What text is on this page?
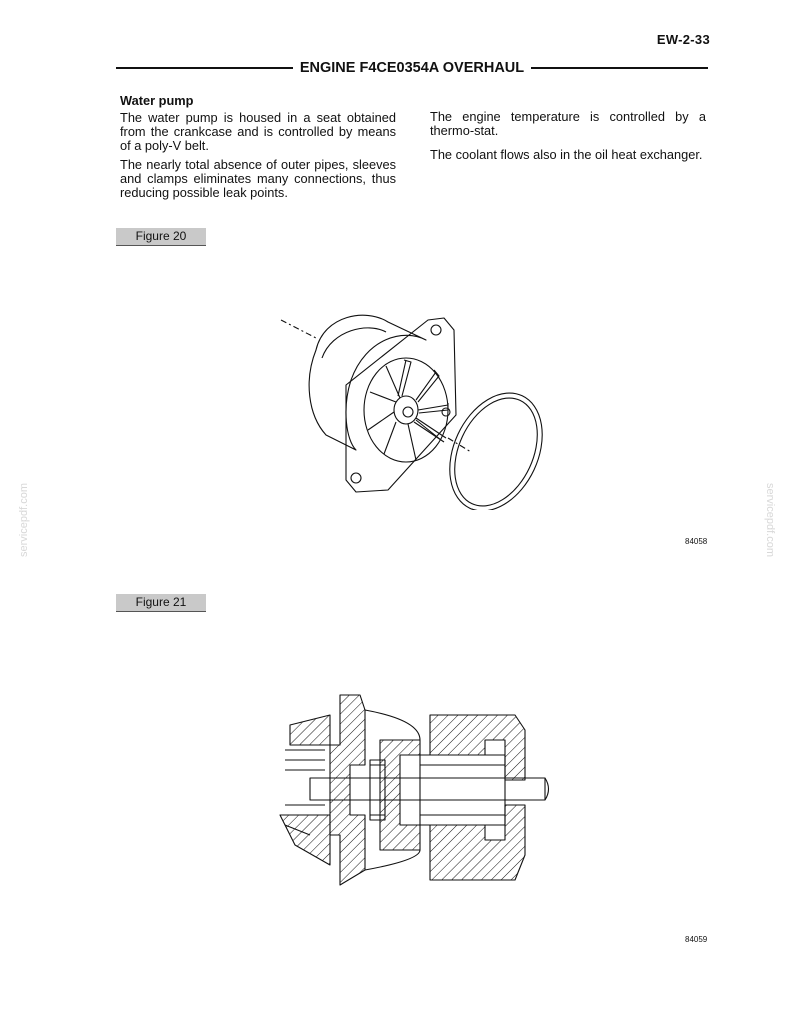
EW-2-33
ENGINE F4CE0354A OVERHAUL
Water pump

The water pump is housed in a seat obtained from the crankcase and is controlled by means of a poly-V belt.

The nearly total absence of outer pipes, sleeves and clamps eliminates many connections, thus reducing possible leak points.

The engine temperature is controlled by a thermo-stat.

The coolant flows also in the oil heat exchanger.

Figure 20
84058
Figure 21
84059
servicepdf.com	servicepdf.com
